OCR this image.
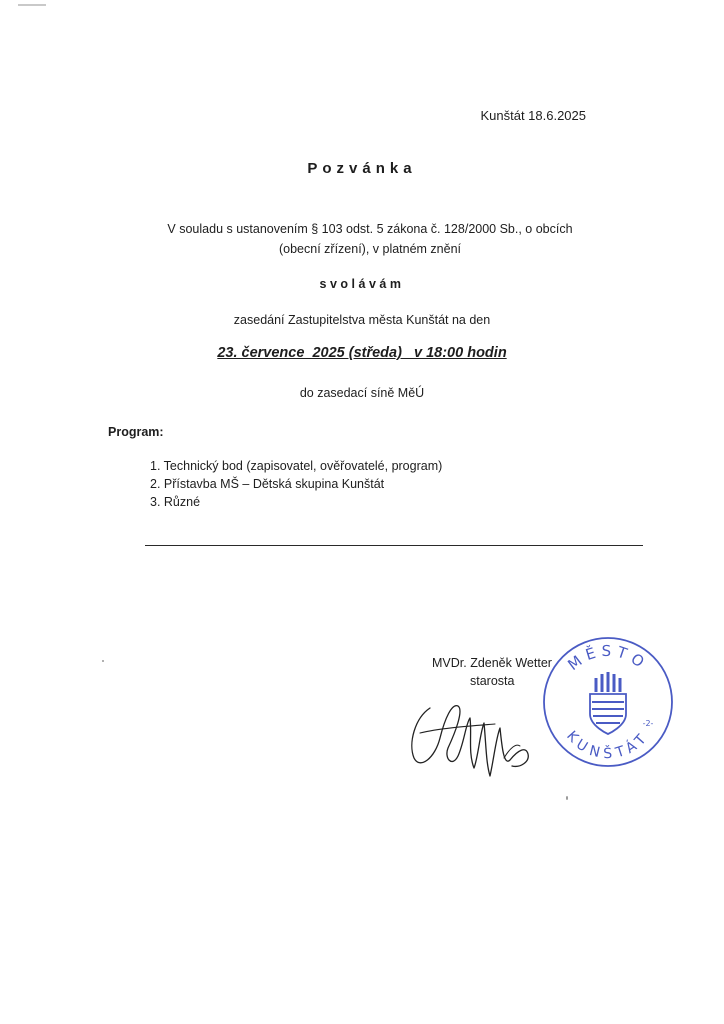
Kunštát 18.6.2025
Pozvánka
V souladu s ustanovením § 103 odst. 5 zákona č. 128/2000 Sb., o obcích
(obecní zřízení), v platném znění
svolávám
zasedání Zastupitelstva města Kunštát na den
23. července  2025 (středa)   v 18:00 hodin
do zasedací síně MěÚ
Program:
1. Technický bod (zapisovatel, ověřovatelé, program)
2. Přístavba MŠ – Dětská skupina Kunštát
3. Různé
MVDr. Zdeněk Wetter
starosta
MĚSTO
KUNŠTÁT
-2-
